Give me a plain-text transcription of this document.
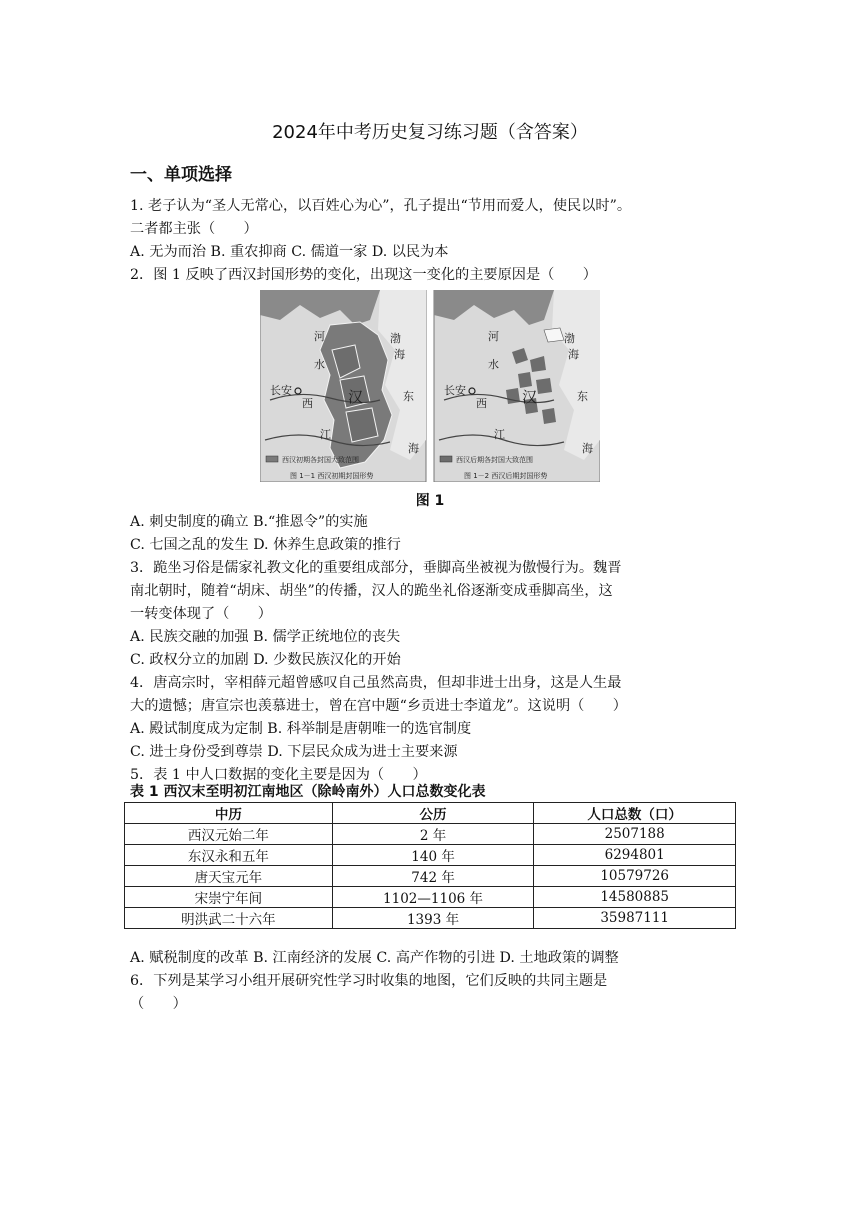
2024年中考历史复习练习题（含答案）
一、单项选择
1. 老子认为“圣人无常心，以百姓心为心”，孔子提出“节用而爱人，使民以时”。
二者都主张（　　）
A. 无为而治 B. 重农抑商 C. 儒道一家 D. 以民为本
2．图 1 反映了西汉封国形势的变化，出现这一变化的主要原因是（　　）
河
水
长安
西 汉
江
东
渤
海
海
西汉初期各封国大致范围
图 1－1 西汉初期封国形势
河
水
长安
西 汉
江
东
渤
海
海
西汉后期各封国大致范围
图 1－2 西汉后期封国形势
图 1
A. 刺史制度的确立 B.“推恩令”的实施
C. 七国之乱的发生 D. 休养生息政策的推行
3．跪坐习俗是儒家礼教文化的重要组成部分，垂脚高坐被视为傲慢行为。魏晋
南北朝时，随着“胡床、胡坐”的传播，汉人的跪坐礼俗逐渐变成垂脚高坐，这
一转变体现了（　　）
A. 民族交融的加强 B. 儒学正统地位的丧失
C. 政权分立的加剧 D. 少数民族汉化的开始
4．唐高宗时，宰相薛元超曾感叹自己虽然高贵，但却非进士出身，这是人生最
大的遗憾；唐宣宗也羡慕进士，曾在宫中题“乡贡进士李道龙”。这说明（　　）
A. 殿试制度成为定制 B. 科举制是唐朝唯一的选官制度
C. 进士身份受到尊崇 D. 下层民众成为进士主要来源
5．表 1 中人口数据的变化主要是因为（　　）
表 1 西汉末至明初江南地区（除岭南外）人口总数变化表
中历	公历	人口总数（口）
西汉元始二年	2 年	2507188
东汉永和五年	140 年	6294801
唐天宝元年	742 年	10579726
宋崇宁年间	1102—1106 年	14580885
明洪武二十六年	1393 年	35987111
A. 赋税制度的改革 B. 江南经济的发展 C. 高产作物的引进 D. 土地政策的调整
6．下列是某学习小组开展研究性学习时收集的地图，它们反映的共同主题是
（　　）
